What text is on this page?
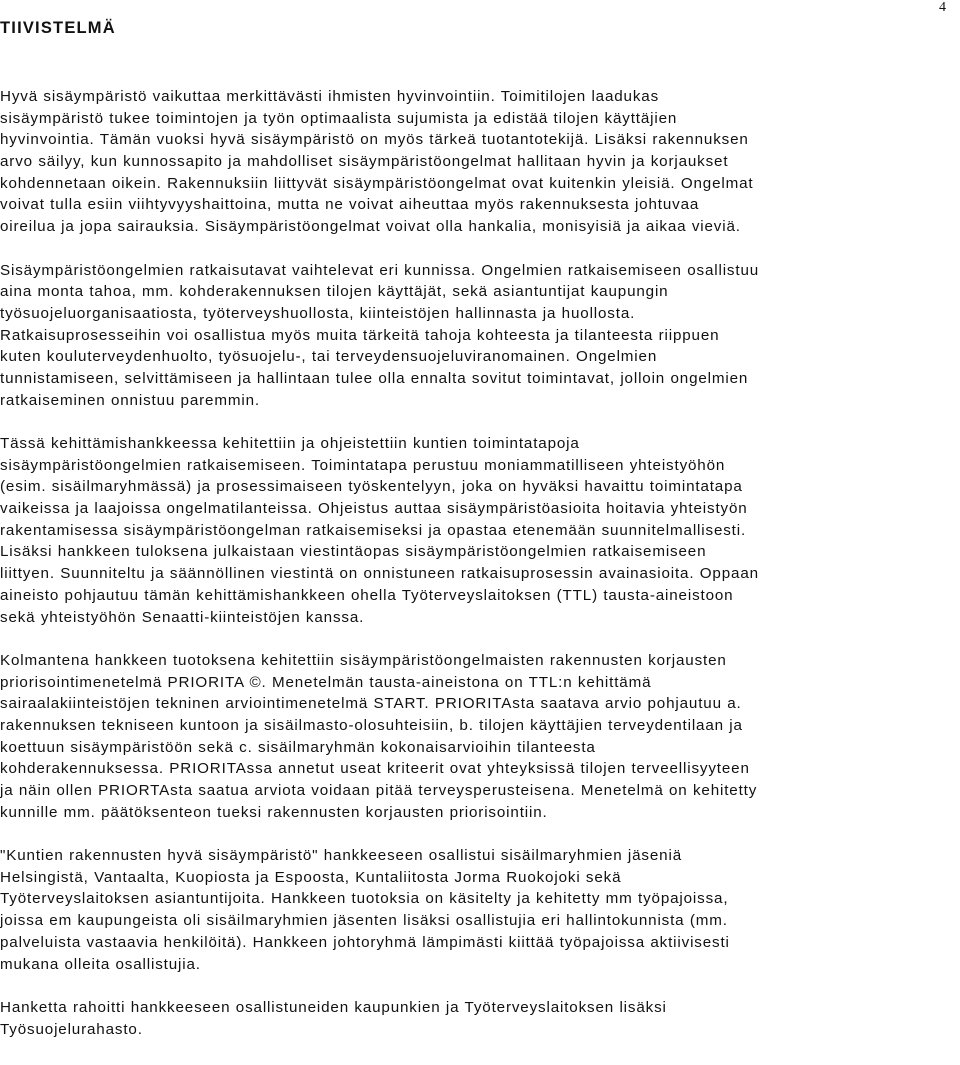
4
TIIVISTELMÄ
Hyvä sisäympäristö vaikuttaa merkittävästi ihmisten hyvinvointiin. Toimitilojen laadukas
sisäympäristö tukee toimintojen ja työn optimaalista sujumista ja edistää tilojen käyttäjien
hyvinvointia. Tämän vuoksi hyvä sisäympäristö on myös tärkeä tuotantotekijä. Lisäksi rakennuksen
arvo säilyy, kun kunnossapito ja mahdolliset sisäympäristöongelmat hallitaan hyvin ja korjaukset
kohdennetaan oikein. Rakennuksiin liittyvät sisäympäristöongelmat ovat kuitenkin yleisiä. Ongelmat
voivat tulla esiin viihtyvyyshaittoina, mutta ne voivat aiheuttaa myös rakennuksesta johtuvaa
oireilua ja jopa sairauksia. Sisäympäristöongelmat voivat olla hankalia, monisyisiä ja aikaa vieviä.
Sisäympäristöongelmien ratkaisutavat vaihtelevat eri kunnissa. Ongelmien ratkaisemiseen osallistuu
aina monta tahoa, mm. kohderakennuksen tilojen käyttäjät, sekä asiantuntijat kaupungin
työsuojeluorganisaatiosta, työterveyshuollosta, kiinteistöjen hallinnasta ja huollosta.
Ratkaisuprosesseihin voi osallistua myös muita tärkeitä tahoja kohteesta ja tilanteesta riippuen
kuten kouluterveydenhuolto, työsuojelu-, tai terveydensuojeluviranomainen. Ongelmien
tunnistamiseen, selvittämiseen ja hallintaan tulee olla ennalta sovitut toimintavat, jolloin ongelmien
ratkaiseminen onnistuu paremmin.
Tässä kehittämishankkeessa kehitettiin ja ohjeistettiin kuntien toimintatapoja
sisäympäristöongelmien ratkaisemiseen. Toimintatapa perustuu moniammatilliseen yhteistyöhön
(esim. sisäilmaryhmässä) ja prosessimaiseen työskentelyyn, joka on hyväksi havaittu toimintatapa
vaikeissa ja laajoissa ongelmatilanteissa. Ohjeistus auttaa sisäympäristöasioita hoitavia yhteistyön
rakentamisessa sisäympäristöongelman ratkaisemiseksi ja opastaa etenemään suunnitelmallisesti.
Lisäksi hankkeen tuloksena julkaistaan viestintäopas sisäympäristöongelmien ratkaisemiseen
liittyen. Suunniteltu ja säännöllinen viestintä on onnistuneen ratkaisuprosessin avainasioita. Oppaan
aineisto pohjautuu tämän kehittämishankkeen ohella Työterveyslaitoksen (TTL) tausta-aineistoon
sekä yhteistyöhön Senaatti-kiinteistöjen kanssa.
Kolmantena hankkeen tuotoksena kehitettiin sisäympäristöongelmaisten rakennusten korjausten
priorisointimenetelmä PRIORITA ©. Menetelmän tausta-aineistona on TTL:n kehittämä
sairaalakiinteistöjen tekninen arviointimenetelmä START. PRIORITAsta saatava arvio pohjautuu a.
rakennuksen tekniseen kuntoon ja sisäilmasto-olosuhteisiin, b. tilojen käyttäjien terveydentilaan ja
koettuun sisäympäristöön sekä c. sisäilmaryhmän kokonaisarvioihin tilanteesta
kohderakennuksessa. PRIORITAssa annetut useat kriteerit ovat yhteyksissä tilojen terveellisyyteen
ja näin ollen PRIORTAsta saatua arviota voidaan pitää terveysperusteisena. Menetelmä on kehitetty
kunnille mm. päätöksenteon tueksi rakennusten korjausten priorisointiin.
"Kuntien rakennusten hyvä sisäympäristö" hankkeeseen osallistui sisäilmaryhmien jäseniä
Helsingistä, Vantaalta, Kuopiosta ja Espoosta, Kuntaliitosta Jorma Ruokojoki sekä
Työterveyslaitoksen asiantuntijoita. Hankkeen tuotoksia on käsitelty ja kehitetty mm työpajoissa,
joissa em kaupungeista oli sisäilmaryhmien jäsenten lisäksi osallistujia eri hallintokunnista (mm.
palveluista vastaavia henkilöitä). Hankkeen johtoryhmä lämpimästi kiittää työpajoissa aktiivisesti
mukana olleita osallistujia.
Hanketta rahoitti hankkeeseen osallistuneiden kaupunkien ja Työterveyslaitoksen lisäksi
Työsuojelurahasto.
